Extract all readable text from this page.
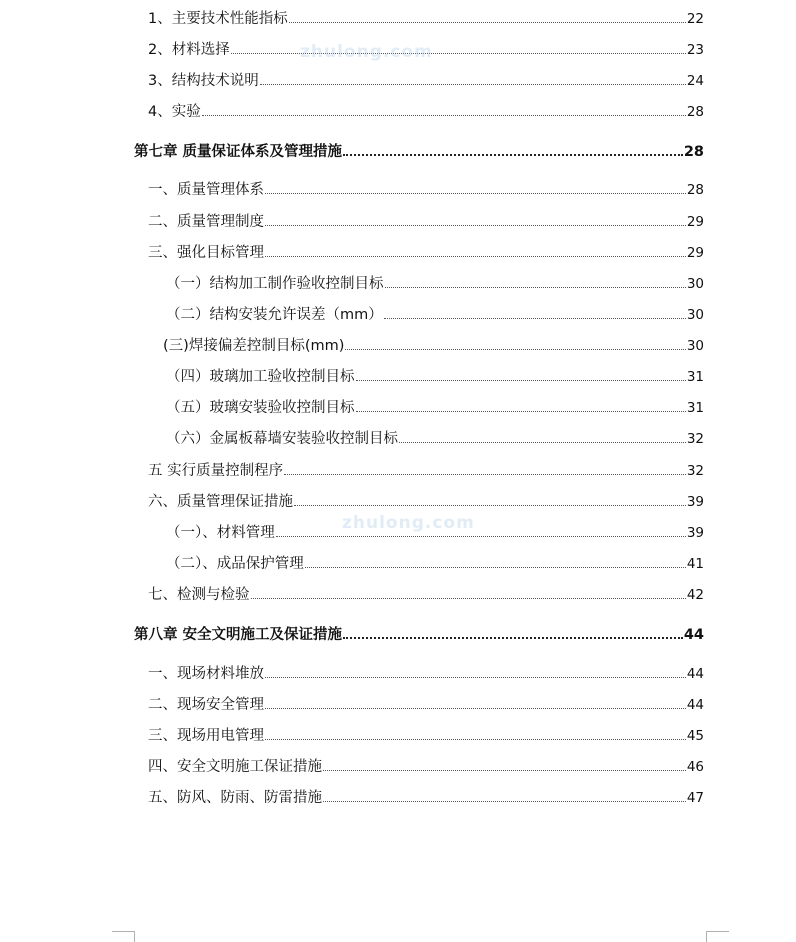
1、主要技术性能指标	22
2、材料选择	23
3、结构技术说明	24
4、实验	28
第七章 质量保证体系及管理措施	28
一、质量管理体系	28
二、质量管理制度	29
三、强化目标管理	29
（一）结构加工制作验收控制目标	30
（二）结构安装允许误差（mm）	30
(三)焊接偏差控制目标(mm)	30
（四）玻璃加工验收控制目标	31
（五）玻璃安装验收控制目标	31
（六）金属板幕墙安装验收控制目标	32
五 实行质量控制程序	32
六、质量管理保证措施	39
（一）、材料管理	39
（二）、成品保护管理	41
七、检测与检验	42
第八章 安全文明施工及保证措施	44
一、现场材料堆放	44
二、现场安全管理	44
三、现场用电管理	45
四、安全文明施工保证措施	46
五、防风、防雨、防雷措施	47
zhulong.com
zhulong.com
